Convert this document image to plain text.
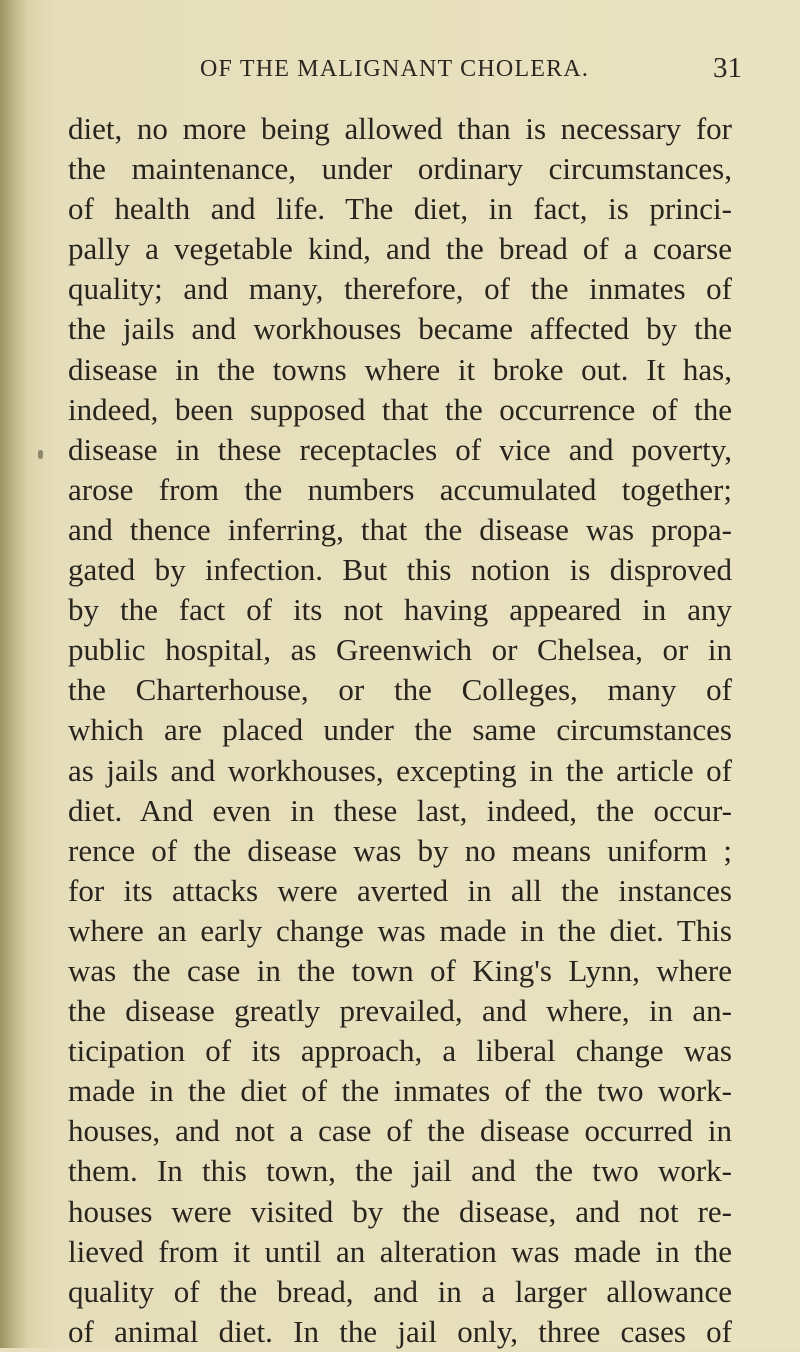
OF THE MALIGNANT CHOLERA.	31
diet, no more being allowed than is necessary for
the maintenance, under ordinary circumstances,
of health and life. The diet, in fact, is princi-
pally a vegetable kind, and the bread of a coarse
quality; and many, therefore, of the inmates of
the jails and workhouses became affected by the
disease in the towns where it broke out. It has,
indeed, been supposed that the occurrence of the
disease in these receptacles of vice and poverty,
arose from the numbers accumulated together;
and thence inferring, that the disease was propa-
gated by infection. But this notion is disproved
by the fact of its not having appeared in any
public hospital, as Greenwich or Chelsea, or in
the Charterhouse, or the Colleges, many of
which are placed under the same circumstances
as jails and workhouses, excepting in the article of
diet. And even in these last, indeed, the occur-
rence of the disease was by no means uniform ;
for its attacks were averted in all the instances
where an early change was made in the diet. This
was the case in the town of King's Lynn, where
the disease greatly prevailed, and where, in an-
ticipation of its approach, a liberal change was
made in the diet of the inmates of the two work-
houses, and not a case of the disease occurred in
them. In this town, the jail and the two work-
houses were visited by the disease, and not re-
lieved from it until an alteration was made in the
quality of the bread, and in a larger allowance
of animal diet. In the jail only, three cases of
